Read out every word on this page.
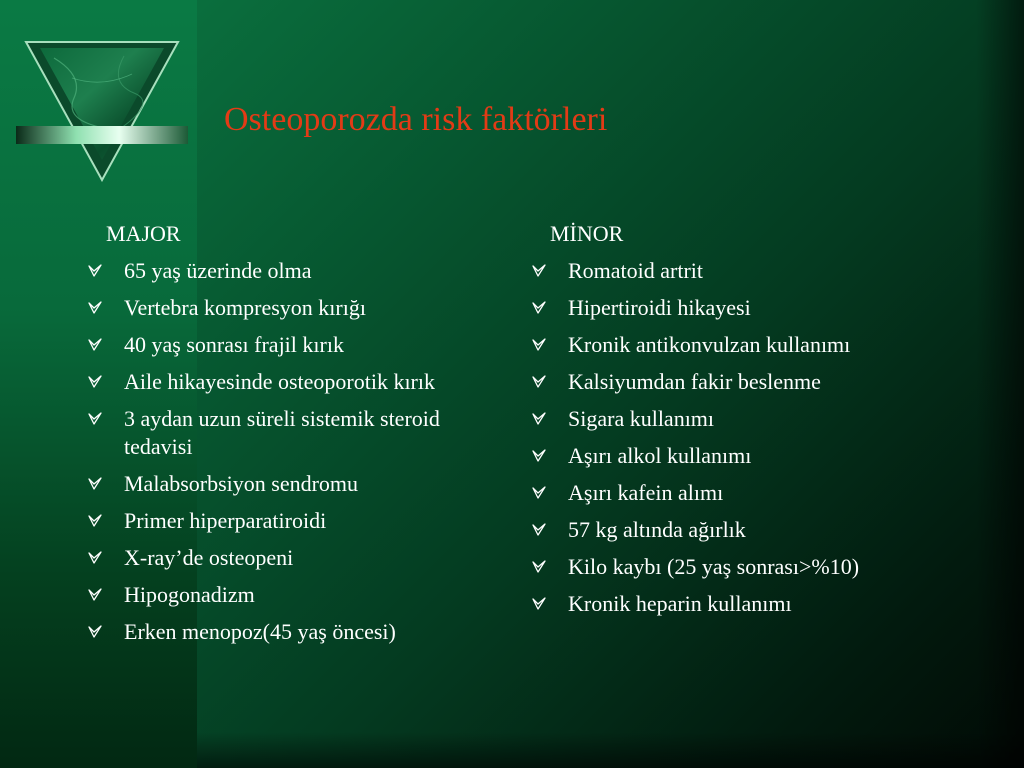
Osteoporozda risk faktörleri
MAJOR
65 yaş üzerinde olma
Vertebra kompresyon kırığı
40 yaş sonrası frajil kırık
Aile hikayesinde osteoporotik kırık
3 aydan uzun süreli sistemik steroid tedavisi
Malabsorbsiyon sendromu
Primer hiperparatiroidi
X-ray’de osteopeni
Hipogonadizm
Erken menopoz(45 yaş öncesi)
MİNOR
Romatoid artrit
Hipertiroidi hikayesi
Kronik antikonvulzan kullanımı
Kalsiyumdan fakir beslenme
Sigara kullanımı
Aşırı alkol kullanımı
Aşırı kafein alımı
57 kg altında ağırlık
Kilo kaybı (25 yaş sonrası>%10)
Kronik heparin kullanımı
